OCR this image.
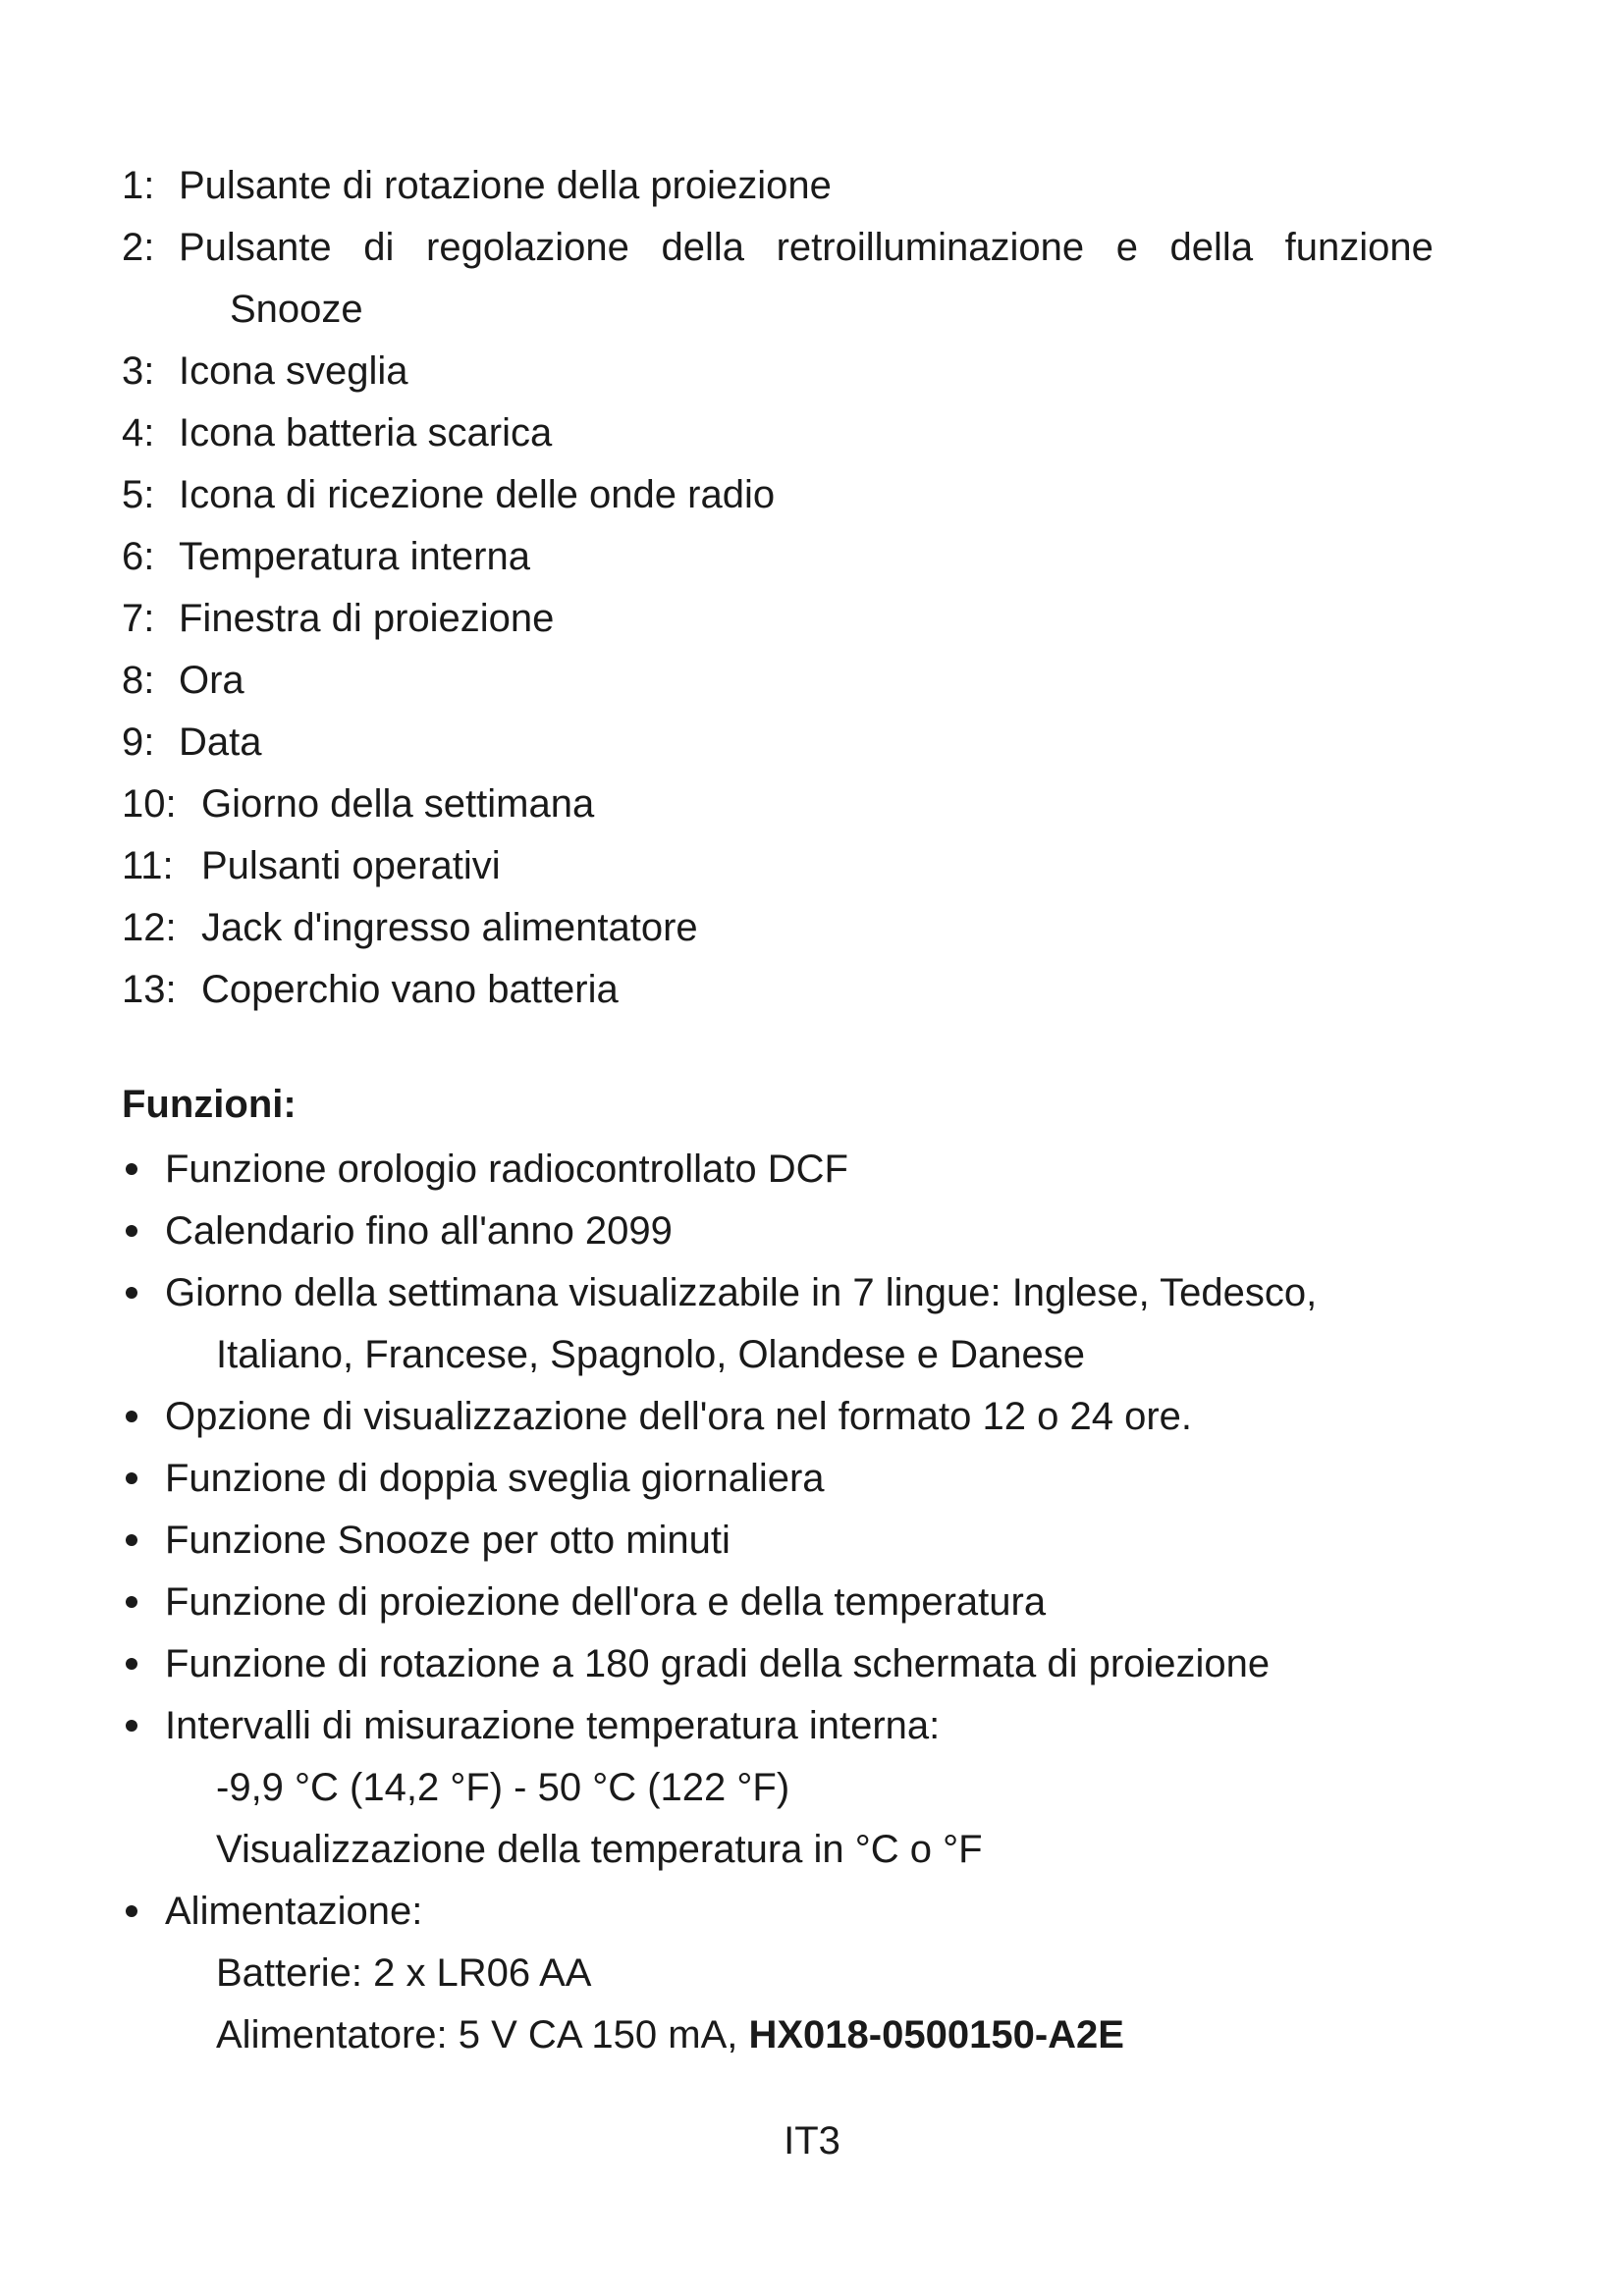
1: Pulsante di rotazione della proiezione
2: Pulsante di regolazione della retroilluminazione e della funzione
Snooze
3: Icona sveglia
4: Icona batteria scarica
5: Icona di ricezione delle onde radio
6: Temperatura interna
7: Finestra di proiezione
8: Ora
9: Data
10: Giorno della settimana
11: Pulsanti operativi
12: Jack d'ingresso alimentatore
13: Coperchio vano batteria
Funzioni:
Funzione orologio radiocontrollato DCF
Calendario fino all'anno 2099
Giorno della settimana visualizzabile in 7 lingue: Inglese, Tedesco,
Italiano, Francese, Spagnolo, Olandese e Danese
Opzione di visualizzazione dell'ora nel formato 12 o 24 ore.
Funzione di doppia sveglia giornaliera
Funzione Snooze per otto minuti
Funzione di proiezione dell'ora e della temperatura
Funzione di rotazione a 180 gradi della schermata di proiezione
Intervalli di misurazione temperatura interna:
-9,9 °C (14,2 °F) - 50 °C (122 °F)
Visualizzazione della temperatura in °C o °F
Alimentazione:
Batterie: 2 x LR06 AA
Alimentatore: 5 V CA 150 mA, HX018-0500150-A2E
IT3
